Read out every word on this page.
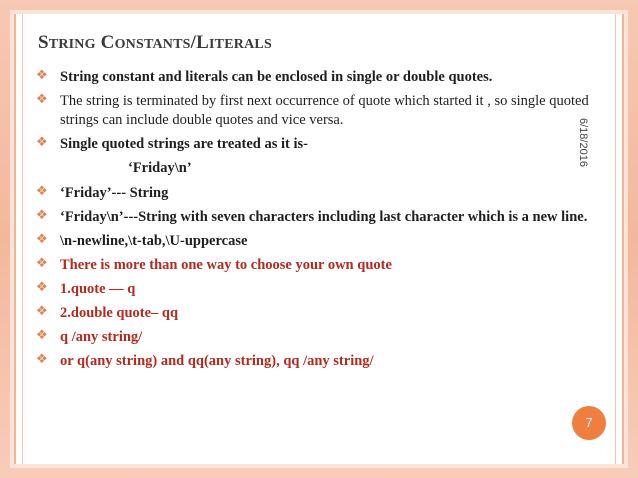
STRING CONSTANTS/LITERALS
6/18/2016
❖ String constant and literals can be enclosed in single or double quotes.
❖ The string is terminated by first next occurrence of quote which started it , so single quoted strings can include double quotes and vice versa.
❖ Single quoted strings are treated as it is-
‘Friday\n’
❖ ‘Friday’--- String
❖ ‘Friday\n’---String with seven characters including last character which is a new line.
❖ \n-newline,\t-tab,\U-uppercase
❖ There is more than one way to choose your own quote
❖ 1.quote — q
❖ 2.double quote– qq
❖ q /any string/
❖ or q(any string) and qq(any string), qq /any string/
7
